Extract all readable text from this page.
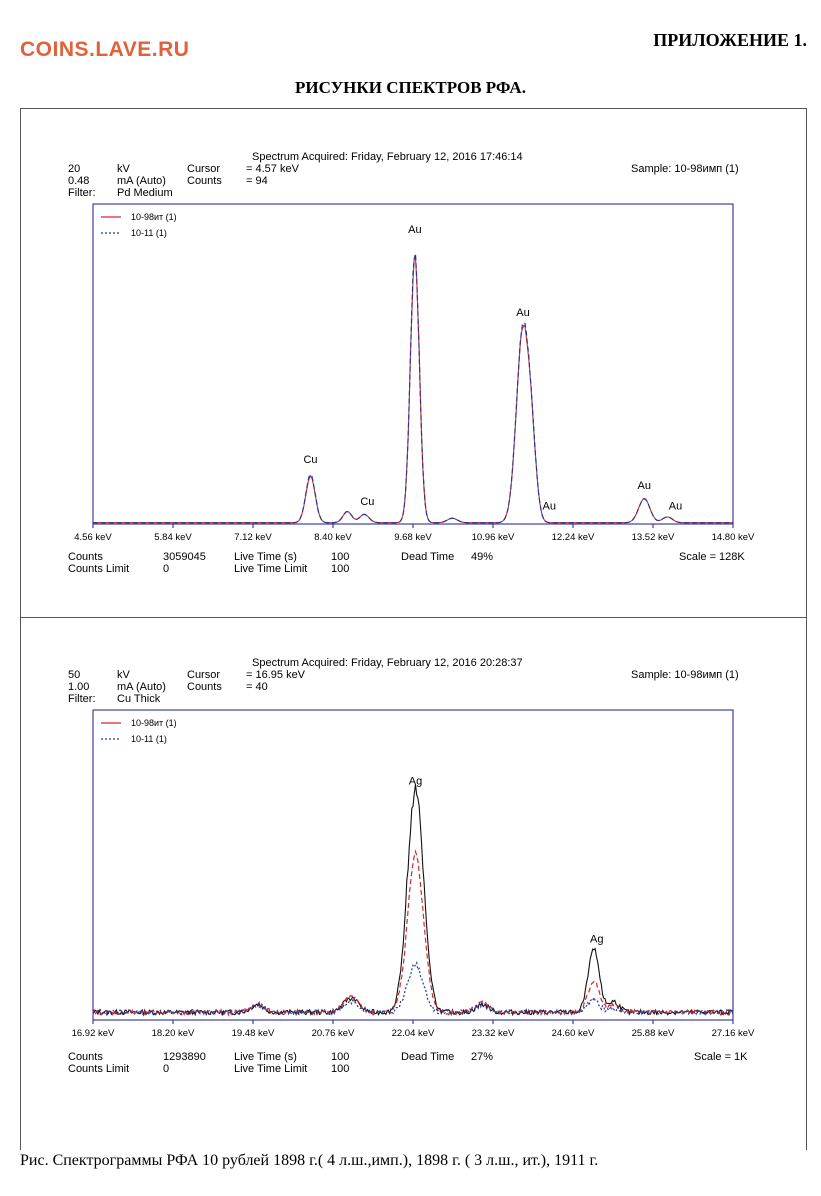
COINS.LAVE.RU	ПРИЛОЖЕНИЕ 1.
РИСУНКИ СПЕКТРОВ РФА.
Spectrum Acquired: Friday, February 12, 2016 17:46:14
Sample: 10-98имп (1)
20	kV	Cursor = 4.57 keV
0.48	mA (Auto) Counts = 94
Filter: Pd Medium
10-98ит (1)
10-11 (1)
Cu
Cu
Au
Au
Au
Au
Au
4.56 keV	5.84 keV	7.12 keV	8.40 keV	9.68 keV	10.96 keV	12.24 keV	13.52 keV	14.80 keV
Counts	3059045	Live Time (s)	100	Dead Time 49%	Scale = 128K
Counts Limit	0	Live Time Limit 100
Spectrum Acquired: Friday, February 12, 2016 20:28:37
Sample: 10-98имп (1)
50	kV	Cursor = 16.95 keV
1.00	mA (Auto) Counts = 40
Filter: Cu Thick
10-98ит (1)
10-11 (1)
Ag
Ag
16.92 keV	18.20 keV	19.48 keV	20.76 keV	22.04 keV	23.32 keV	24.60 keV	25.88 keV	27.16 keV
Counts	1293890	Live Time (s)	100	Dead Time 27%	Scale = 1K
Counts Limit	0	Live Time Limit 100
Рис. Спектрограммы РФА 10 рублей 1898 г.( 4 л.ш.,имп.), 1898 г. ( 3 л.ш., ит.), 1911 г.
